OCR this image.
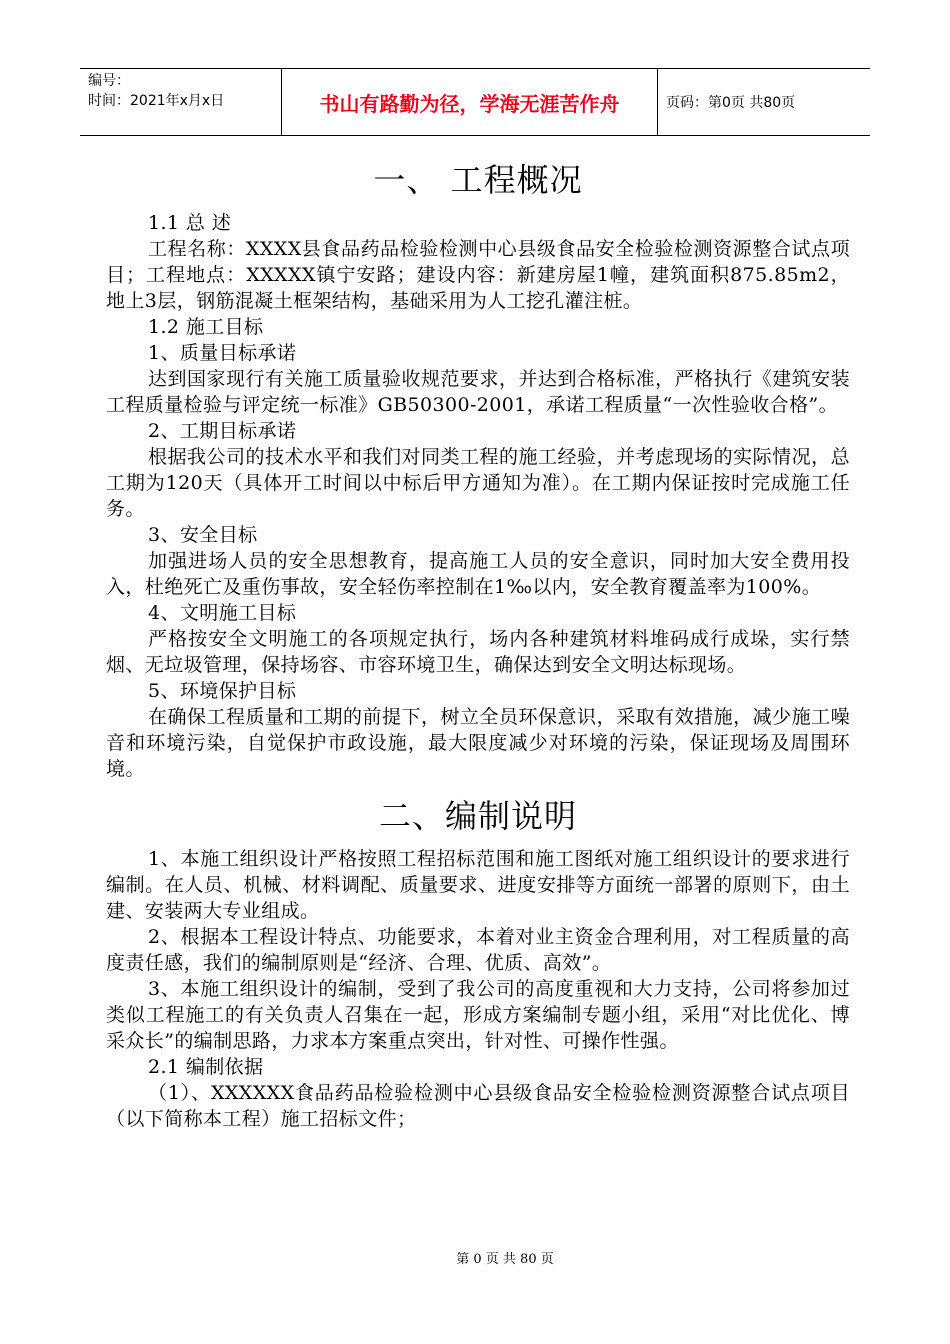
编号：
时间：2021年x月x日	书山有路勤为径，学海无涯苦作舟	页码：第0页 共80页
一、 工程概况

1.1 总 述

工程名称：XXXX县食品药品检验检测中心县级食品安全检验检测资源整合试点项目；工程地点：XXXXX镇宁安路；建设内容：新建房屋1幢，建筑面积875.85m2，地上3层，钢筋混凝土框架结构，基础采用为人工挖孔灌注桩。

1.2 施工目标

1、质量目标承诺

达到国家现行有关施工质量验收规范要求，并达到合格标准，严格执行《建筑安装工程质量检验与评定统一标准》GB50300-2001，承诺工程质量“一次性验收合格”。

2、工期目标承诺

根据我公司的技术水平和我们对同类工程的施工经验，并考虑现场的实际情况，总工期为120天（具体开工时间以中标后甲方通知为准）。在工期内保证按时完成施工任务。

3、安全目标

加强进场人员的安全思想教育，提高施工人员的安全意识，同时加大安全费用投入，杜绝死亡及重伤事故，安全轻伤率控制在1‰以内，安全教育覆盖率为100%。

4、文明施工目标

严格按安全文明施工的各项规定执行，场内各种建筑材料堆码成行成垛，实行禁烟、无垃圾管理，保持场容、市容环境卫生，确保达到安全文明达标现场。

5、环境保护目标

在确保工程质量和工期的前提下，树立全员环保意识，采取有效措施，减少施工噪音和环境污染，自觉保护市政设施，最大限度减少对环境的污染，保证现场及周围环境。

二、编制说明

1、本施工组织设计严格按照工程招标范围和施工图纸对施工组织设计的要求进行编制。在人员、机械、材料调配、质量要求、进度安排等方面统一部署的原则下，由土建、安装两大专业组成。

2、根据本工程设计特点、功能要求，本着对业主资金合理利用，对工程质量的高度责任感，我们的编制原则是“经济、合理、优质、高效”。

3、本施工组织设计的编制，受到了我公司的高度重视和大力支持，公司将参加过类似工程施工的有关负责人召集在一起，形成方案编制专题小组，采用“对比优化、博采众长”的编制思路，力求本方案重点突出，针对性、可操作性强。

2.1 编制依据

（1）、XXXXXX食品药品检验检测中心县级食品安全检验检测资源整合试点项目（以下简称本工程）施工招标文件；

第 0 页 共 80 页
